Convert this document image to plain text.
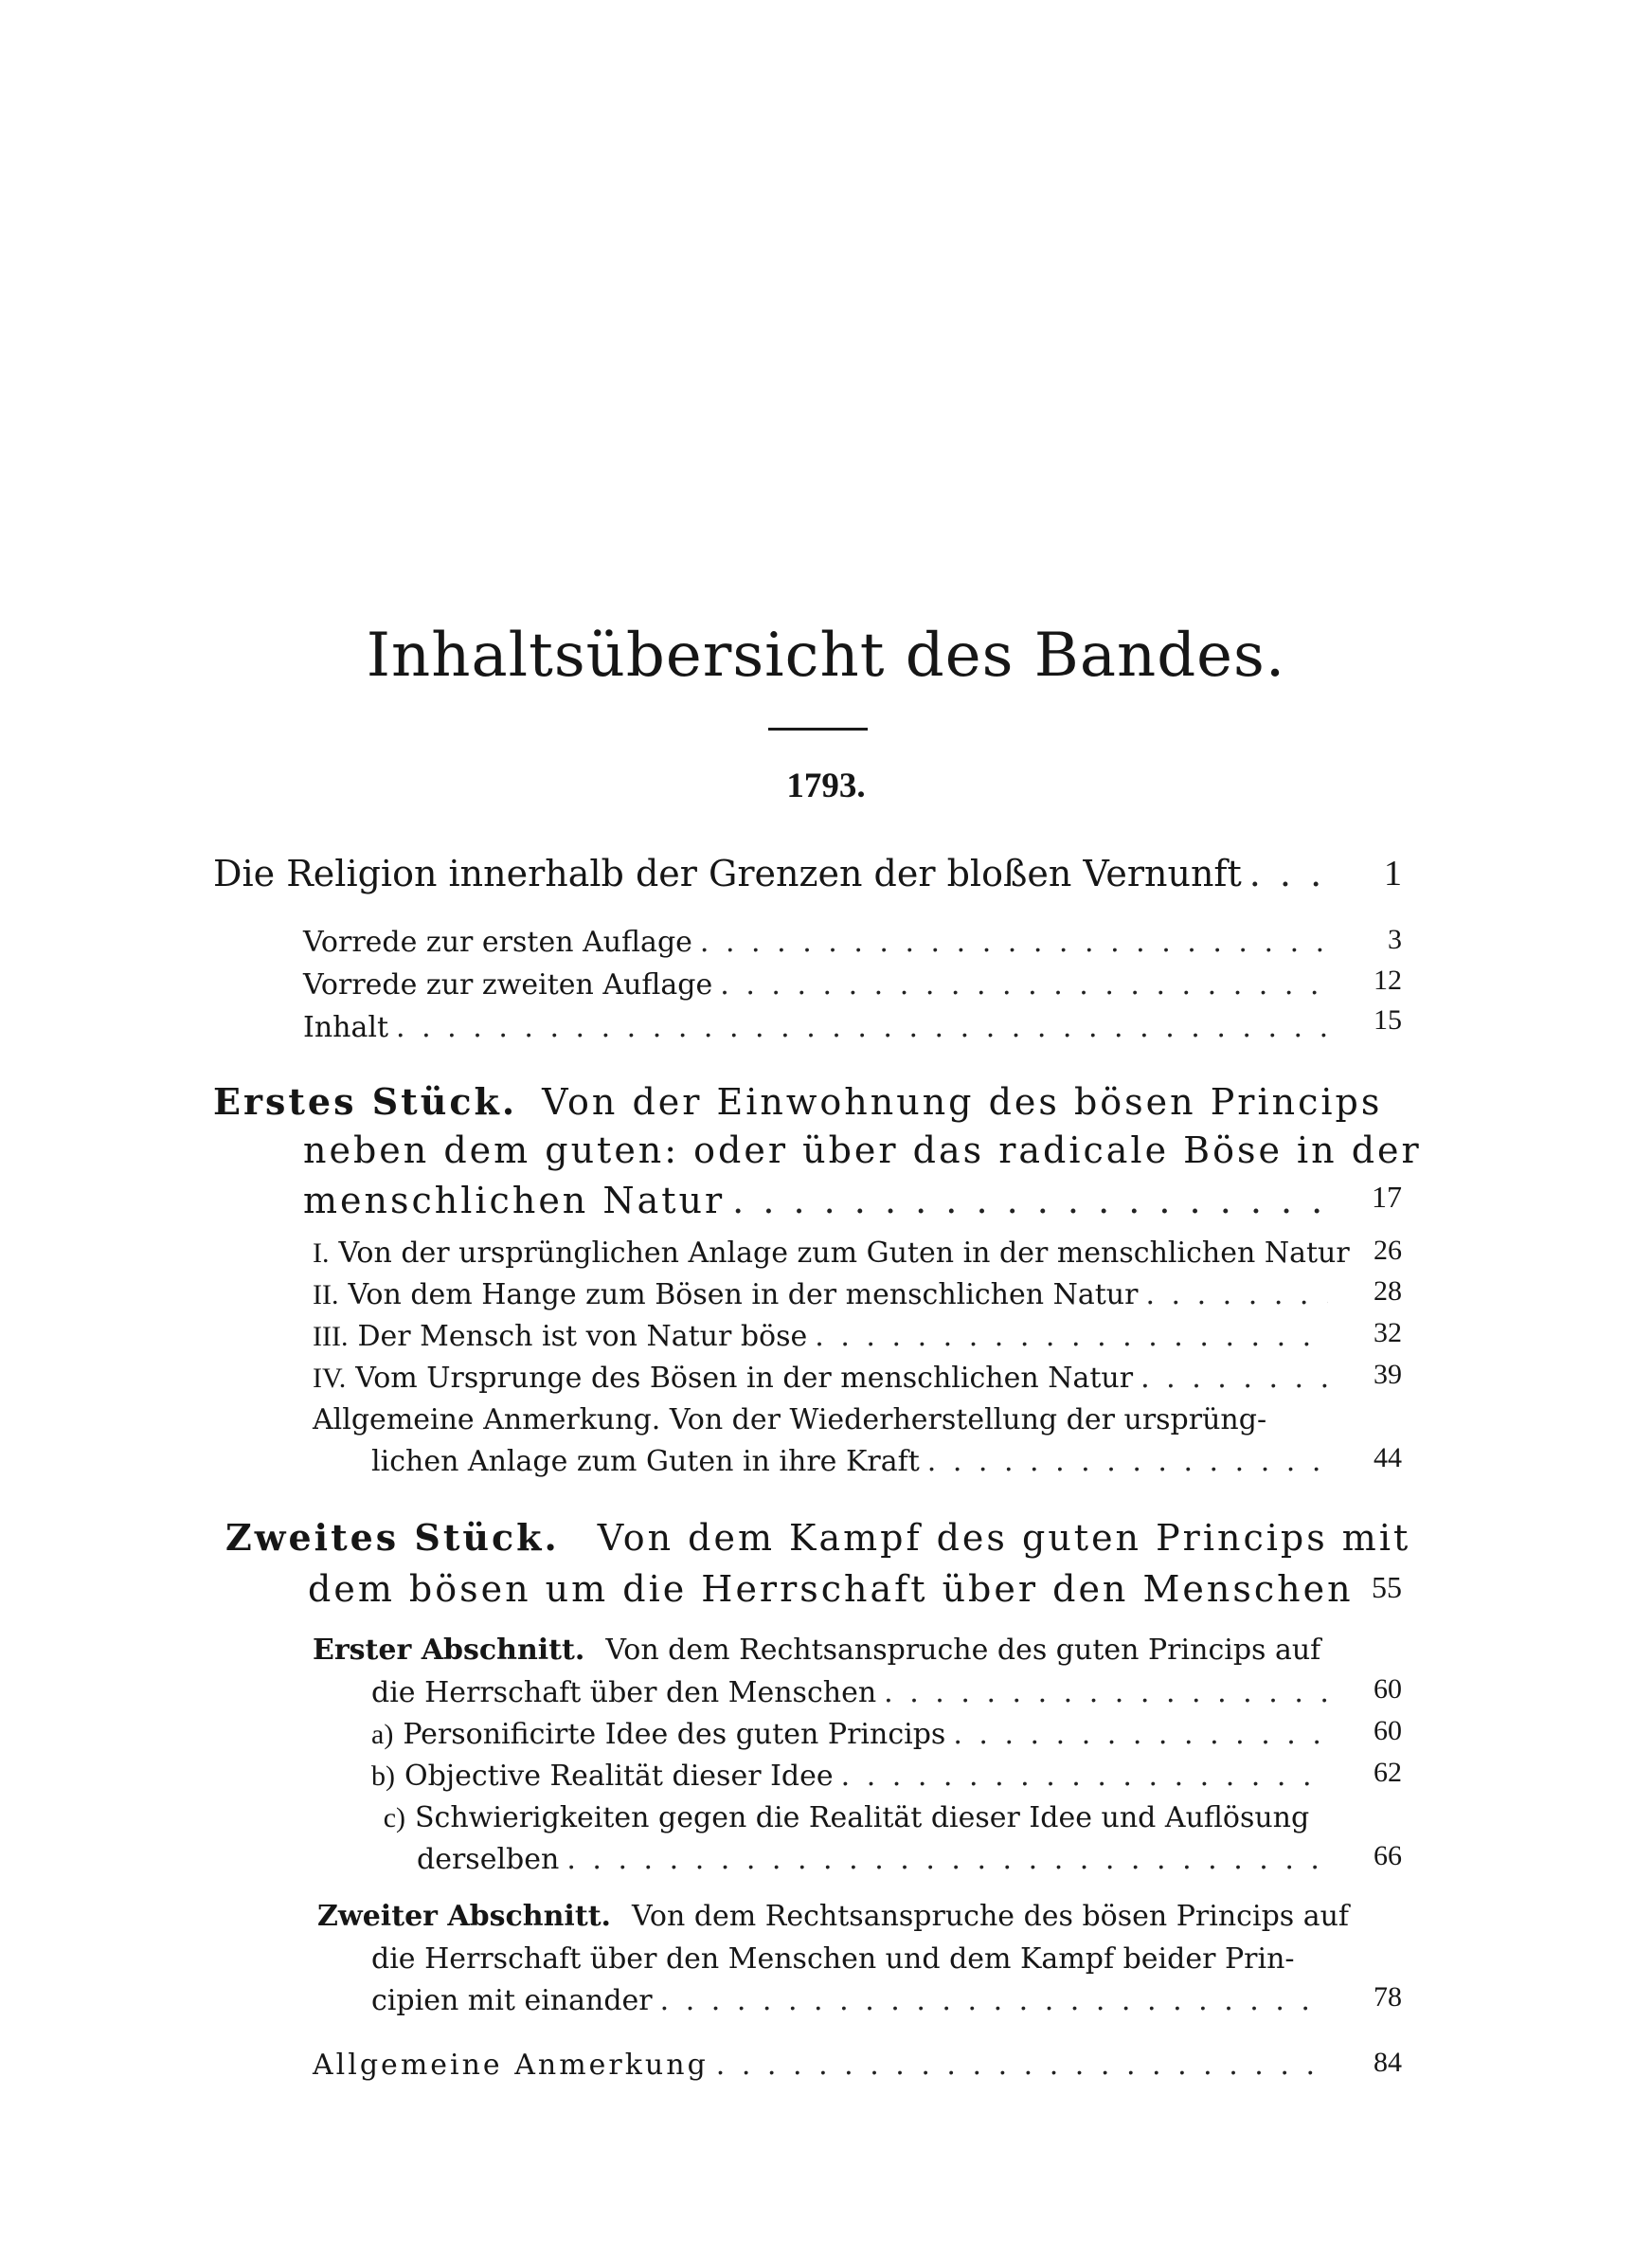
Inhaltsübersicht des Bandes.
1793.
Die Religion innerhalb der Grenzen der bloßen Vernunft . . .	1
Vorrede zur ersten Auflage . . .	3
Vorrede zur zweiten Auflage . . .	12
Inhalt . . .	15
Erstes Stück. Von der Einwohnung des bösen Princips
neben dem guten: oder über das radicale Böse in der
menschlichen Natur . . .	17
I. Von der ursprünglichen Anlage zum Guten in der menschlichen Natur 26
II. Von dem Hange zum Bösen in der menschlichen Natur . . .	28
III. Der Mensch ist von Natur böse . . .	32
IV. Vom Ursprunge des Bösen in der menschlichen Natur . . .	39
Allgemeine Anmerkung. Von der Wiederherstellung der ursprüng-
lichen Anlage zum Guten in ihre Kraft . . .	44
Zweites Stück. Von dem Kampf des guten Princips mit
dem bösen um die Herrschaft über den Menschen 55
Erster Abschnitt. Von dem Rechtsanspruche des guten Princips auf
die Herrschaft über den Menschen . . .	60
a) Personificirte Idee des guten Princips . . .	60
b) Objective Realität dieser Idee . . .	62
c) Schwierigkeiten gegen die Realität dieser Idee und Auflösung
derselben . . .	66
Zweiter Abschnitt. Von dem Rechtsanspruche des bösen Princips auf
die Herrschaft über den Menschen und dem Kampf beider Prin-
cipien mit einander . . .	78
Allgemeine Anmerkung . . .	84
